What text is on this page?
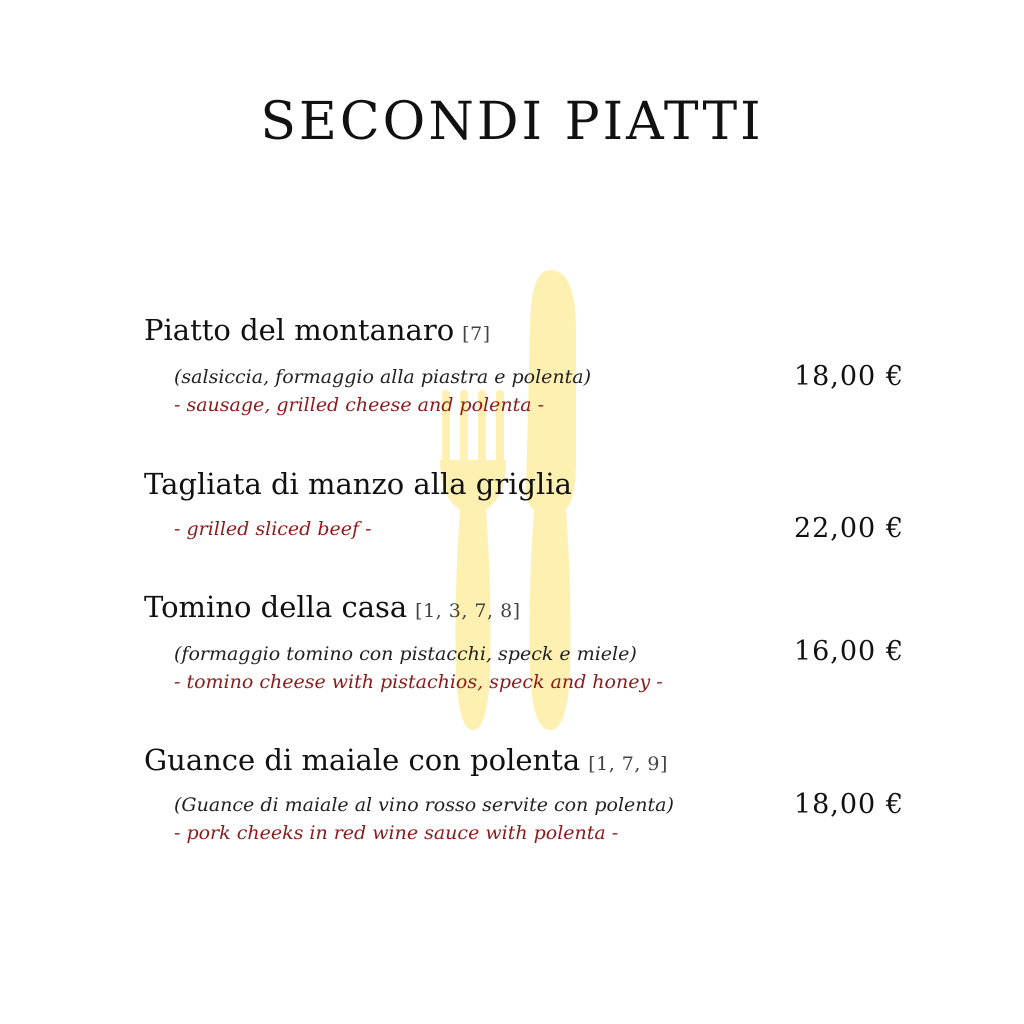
SECONDI PIATTI
Piatto del montanaro [7]
(salsiccia, formaggio alla piastra e polenta)
- sausage, grilled cheese and polenta -
18,00 €
Tagliata di manzo alla griglia
- grilled sliced beef -	22,00 €
Tomino della casa [1, 3, 7, 8]
(formaggio tomino con pistacchi, speck e miele)
- tomino cheese with pistachios, speck and honey -
16,00 €
Guance di maiale con polenta [1, 7, 9]
(Guance di maiale al vino rosso servite con polenta)
- pork cheeks in red wine sauce with polenta -
18,00 €
